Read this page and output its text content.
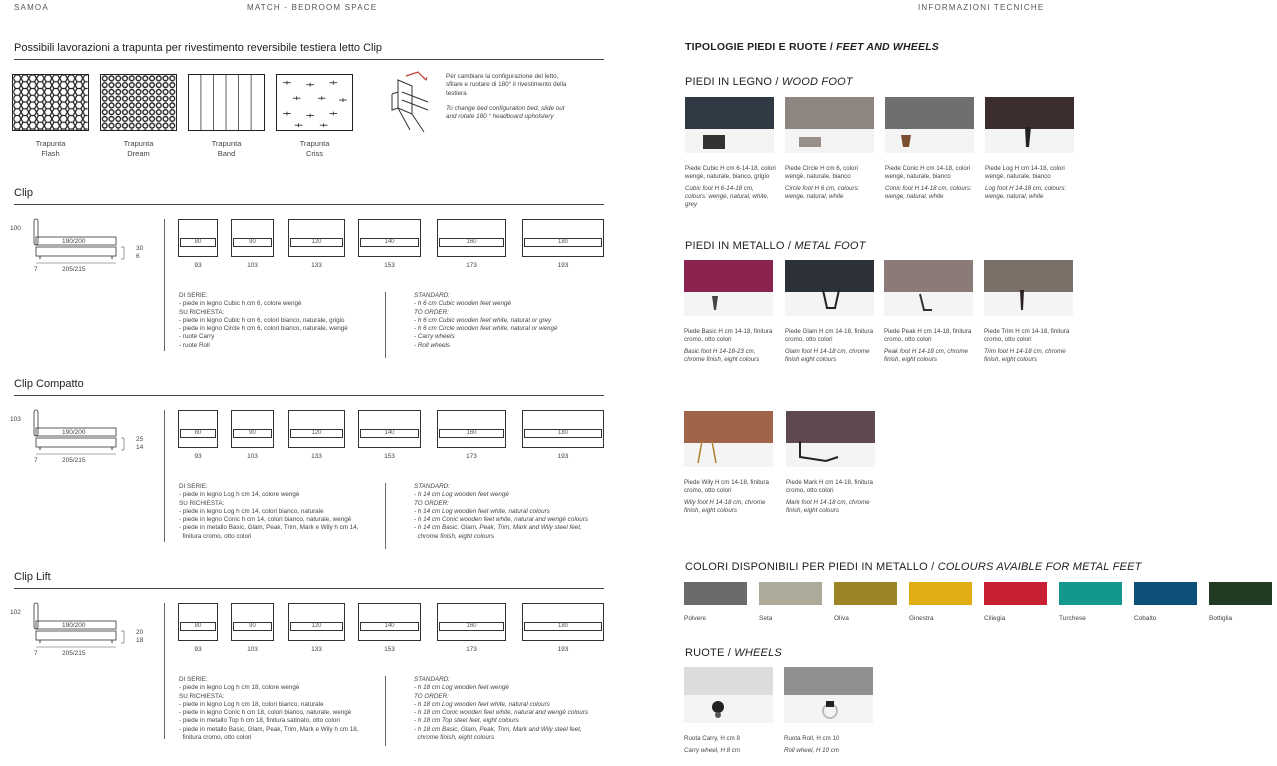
SAMOA	MATCH - BEDROOM SPACE	INFORMAZIONI TECNICHE
Possibili lavorazioni a trapunta per rivestimento reversibile testiera letto Clip
Trapunta
Flash
Trapunta
Dream
Trapunta
Band
Trapunta
Criss
Per cambiare la configurazione del letto, sfilare e ruotare di 180° il rivestimento della testiera
To change bed configuration bed, slide out and rotate 180 ° headboard upholstery
Clip
100
190/200
30
6
7	205/215
80
93
90
103
120
133
140
153
160
173
180
193
DI SERIE:
- piede in legno Cubic h cm 6, colore wengè
SU RICHIESTA:
- piede in legno Cubic h cm 6, colori bianco, naturale, grigio
- piede in legno Circle h cm 6, colori bianco, naturale, wengè
- ruote Carry
- ruote Roll
STANDARD:
- h 6 cm Cubic wooden feet wengè
TO ORDER:
- h 6 cm Cubic wooden feet white, natural or grey
- h 6 cm Circle wooden feet white, natural or wengè
- Carry wheels
- Roll wheels
Clip Compatto
103
190/200
25
14
7	205/215
80
93
90
103
120
133
140
153
160
173
180
193
DI SERIE:
- piede in legno Log h cm 14, colore wengè
SU RICHIESTA:
- piede in legno Log h cm 14, colori bianco, naturale
- piede in legno Conic h cm 14, colori bianco, naturale, wengè
- piede in metallo Basic, Glam, Peak, Trim, Mark e Wily h cm 14,
finitura cromo, otto colori
STANDARD:
- h 14 cm Log wooden feet wengè
TO ORDER:
- h 14 cm Log wooden feet white, natural colours
- h 14 cm Conic wooden feet white, natural and wengè colours
- h 14 cm Basic, Glam, Peak, Trim, Mark and Wily steel feet,
chrome finish, eight colours
Clip Lift
102
190/200
20
18
7	205/215
80
93
90
103
120
133
140
153
160
173
180
193
DI SERIE:
- piede in legno Log h cm 18, colore wengè
SU RICHIESTA:
- piede in legno Log h cm 18, colori bianco, naturale
- piede in legno Conic h cm 18, colori bianco, naturale, wengè
- piede in metallo Top h cm 18, finitura satinato, otto colori
- piede in metallo Basic, Glam, Peak, Trim, Mark e Wily h cm 18,
finitura cromo, otto colori
STANDARD:
- h 18 cm Log wooden feet wengè
TO ORDER:
- h 18 cm Log wooden feet white, natural colours
- h 18 cm Conic wooden feet white, natural and wengè colours
- h 18 cm Top steel feet, eight colours
- h 18 cm Basic, Glam, Peak, Trim, Mark and Wily steel feet,
chrome finish, eight colours
TIPOLOGIE PIEDI E RUOTE / FEET AND WHEELS
PIEDI IN LEGNO / WOOD FOOT
Piede Cubic H cm 6-14-18, colori wengè, naturale, bianco, grigio
Cubic foot H 6-14-18 cm, colours: wenge, natural, white, grey
Piede Circle H cm 6, colori wengè, naturale, bianco
Circle foot H 6 cm, colours: wenge, natural, white
Piede Conic H cm 14-18, colori wengè, naturale, bianco
Conic foot H 14-18 cm, colours: wenge, natural, white
Piede Log H cm 14-18, colori wengè, naturale, bianco
Log foot H 14-18 cm, colours: wenge, natural, white
PIEDI IN METALLO / METAL FOOT
Piede Basic H cm 14-18, finitura cromo, otto colori
Basic foot H 14-18-23 cm, chrome finish, eight colours
Piede Glam H cm 14-18, finitura cromo, otto colori
Glam foot H 14-18 cm, chrome finish eight colours
Piede Peak H cm 14-18, finitura cromo, otto colori
Peak foot H 14-18 cm, chrome finish, eight colours
Piede Trim H cm 14-18, finitura cromo, otto colori
Trim foot H 14-18 cm, chrome finish, eight colours
Piede Wily H cm 14-18, finitura cromo, otto colori
Wily foot H 14-18 cm, chrome finish, eight colours
Piede Mark H cm 14-18, finitura cromo, otto colori
Mark foot H 14-18 cm, chrome finish, eight colours
COLORI DISPONIBILI PER PIEDI IN METALLO / COLOURS AVAIBLE FOR METAL FEET
Polvere	Seta	Oliva	Ginestra	Ciliegia	Turchese	Cobalto	Bottiglia
RUOTE / WHEELS
Ruota Carry, H cm 8
Carry wheel, H 8 cm
Ruota Roll, H cm 10
Roll wheel, H 10 cm
